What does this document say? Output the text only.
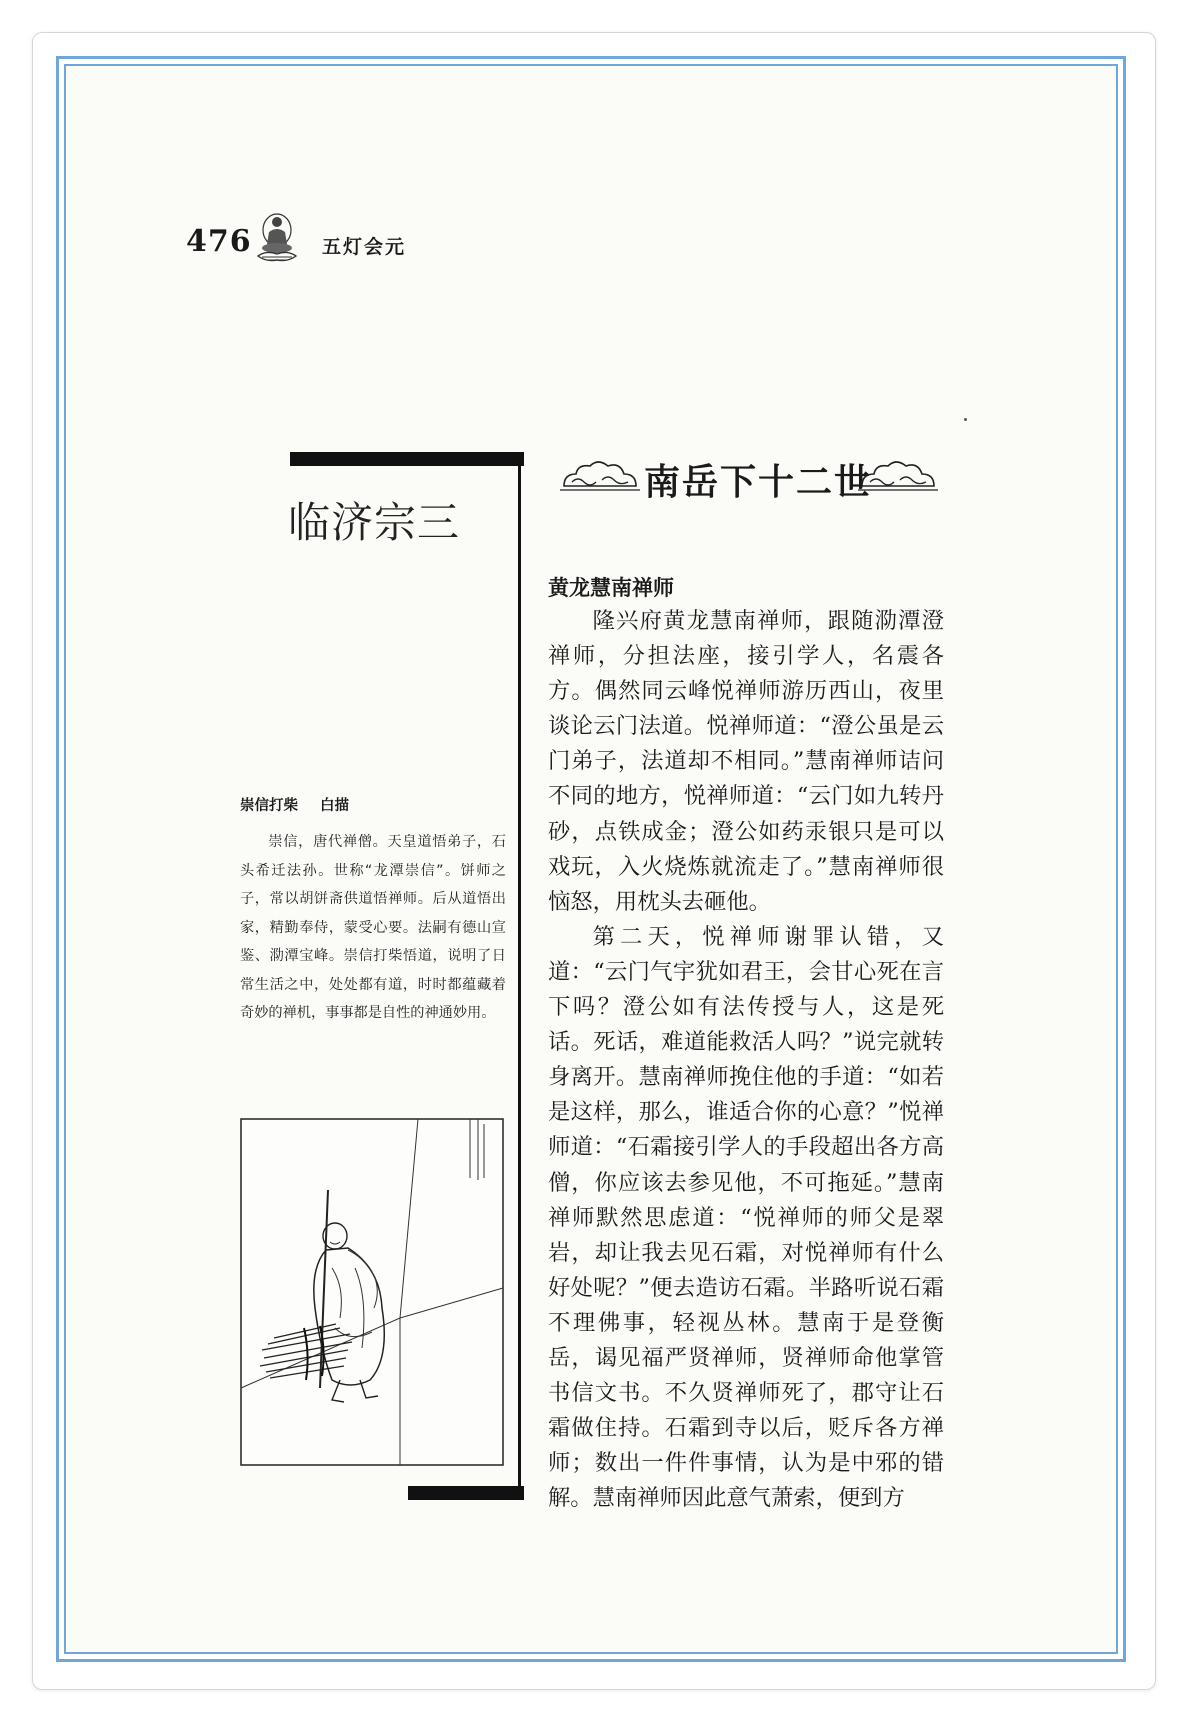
476	五灯会元
临济宗三
崇信打柴 白描
崇信，唐代禅僧。天皇道悟弟子，石头希迁法孙。世称“龙潭崇信”。饼师之子，常以胡饼斋供道悟禅师。后从道悟出家，精勤奉侍，蒙受心要。法嗣有德山宣鉴、泐潭宝峰。崇信打柴悟道，说明了日常生活之中，处处都有道，时时都蕴藏着奇妙的禅机，事事都是自性的神通妙用。
南岳下十二世
黄龙慧南禅师

隆兴府黄龙慧南禅师，跟随泐潭澄禅师，分担法座，接引学人，名震各方。偶然同云峰悦禅师游历西山，夜里谈论云门法道。悦禅师道：“澄公虽是云门弟子，法道却不相同。”慧南禅师诘问不同的地方，悦禅师道：“云门如九转丹砂，点铁成金；澄公如药汞银只是可以戏玩，入火烧炼就流走了。”慧南禅师很恼怒，用枕头去砸他。

第二天，悦禅师谢罪认错，又道：“云门气宇犹如君王，会甘心死在言下吗？澄公如有法传授与人，这是死话。死话，难道能救活人吗？”说完就转身离开。慧南禅师挽住他的手道：“如若是这样，那么，谁适合你的心意？”悦禅师道：“石霜接引学人的手段超出各方高僧，你应该去参见他，不可拖延。”慧南禅师默然思虑道：“悦禅师的师父是翠岩，却让我去见石霜，对悦禅师有什么好处呢？”便去造访石霜。半路听说石霜不理佛事，轻视丛林。慧南于是登衡岳，谒见福严贤禅师，贤禅师命他掌管书信文书。不久贤禅师死了，郡守让石霜做住持。石霜到寺以后，贬斥各方禅师；数出一件件事情，认为是中邪的错解。慧南禅师因此意气萧索，便到方
